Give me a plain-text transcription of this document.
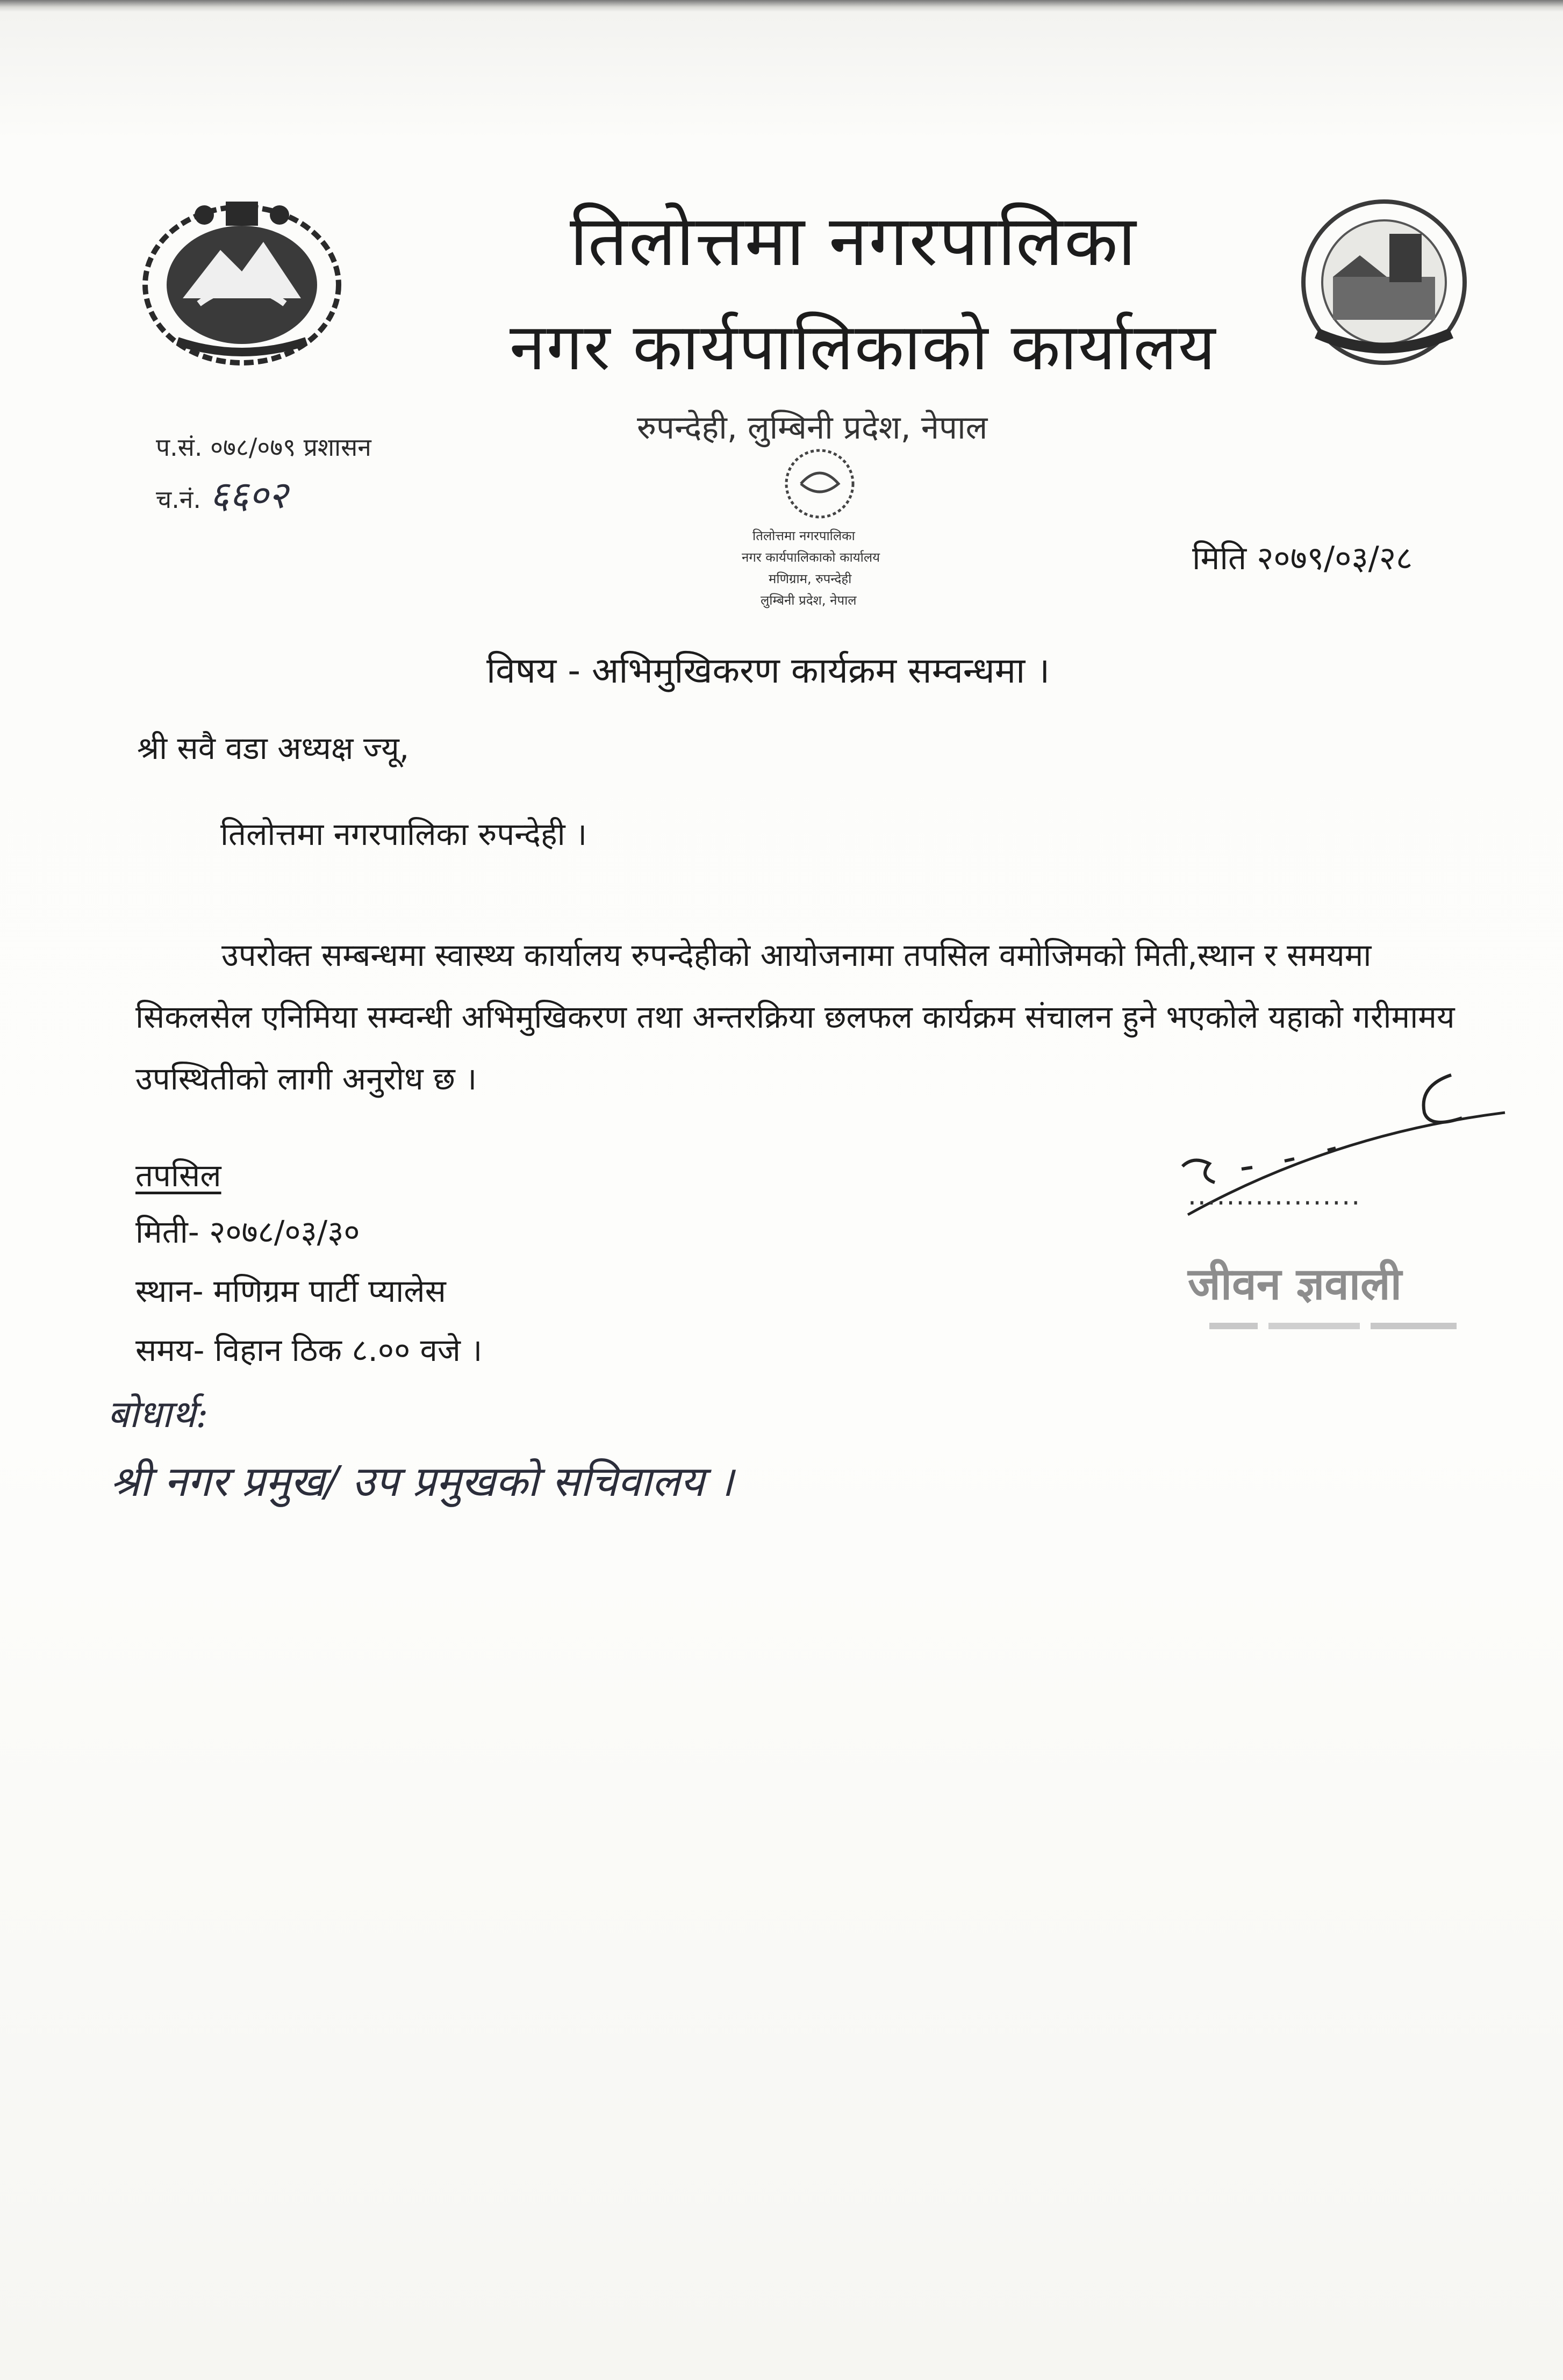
तिलोत्तमा नगरपालिका
नगर कार्यपालिकाको कार्यालय
रुपन्देही, लुम्बिनी प्रदेश, नेपाल
प.सं. ०७८/०७९ प्रशासन
च.नं. ६६०२
तिलोत्तमा नगरपालिका
नगर कार्यपालिकाको कार्यालय
मणिग्राम, रुपन्देही
लुम्बिनी प्रदेश, नेपाल
मिति २०७९/०३/२८
विषय - अभिमुखिकरण कार्यक्रम सम्वन्धमा ।
श्री सवै वडा अध्यक्ष ज्यू,
तिलोत्तमा नगरपालिका रुपन्देही ।
उपरोक्त सम्बन्धमा स्वास्थ्य कार्यालय रुपन्देहीको आयोजनामा तपसिल वमोजिमको मिती,स्थान र समयमा सिकलसेल एनिमिया सम्वन्धी अभिमुखिकरण तथा अन्तरक्रिया छलफल कार्यक्रम संचालन हुने भएकोले यहाको गरीमामय उपस्थितीको लागी अनुरोध छ ।
तपसिल
मिती- २०७८/०३/३०
स्थान- मणिग्रम पार्टी प्यालेस
समय- विहान ठिक ८.०० वजे ।
बोधार्थ:
श्री नगर प्रमुख/ उप प्रमुखको सचिवालय ।
..................
जीवन ज्ञवाली
